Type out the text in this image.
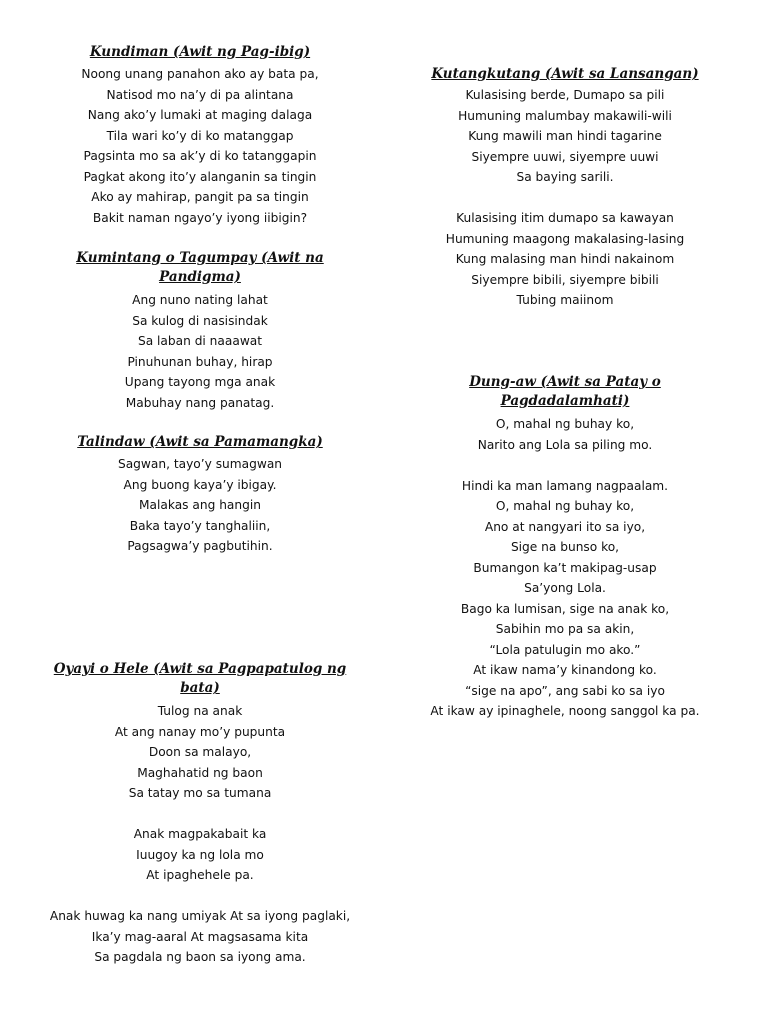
Kundiman (Awit ng Pag-ibig)
Noong unang panahon ako ay bata pa,
Natisod mo na’y di pa alintana
Nang ako’y lumaki at maging dalaga
Tila wari ko’y di ko matanggap
Pagsinta mo sa ak’y di ko tatanggapin
Pagkat akong ito’y alanganin sa tingin
Ako ay mahirap, pangit pa sa tingin
Bakit naman ngayo’y iyong iibigin?
Kumintang o Tagumpay (Awit na Pandigma)
Ang nuno nating lahat
Sa kulog di nasisindak
Sa laban di naaawat
Pinuhunan buhay, hirap
Upang tayong mga anak
Mabuhay nang panatag.
Talindaw (Awit sa Pamamangka)
Sagwan, tayo’y sumagwan
Ang buong kaya’y ibigay.
Malakas ang hangin
Baka tayo’y tanghaliin,
Pagsagwa’y pagbutihin.
Oyayi o Hele (Awit sa Pagpapatulog ng bata)
Tulog na anak
At ang nanay mo’y pupunta
Doon sa malayo,
Maghahatid ng baon
Sa tatay mo sa tumana
Anak magpakabait ka
Iuugoy ka ng lola mo
At ipaghehele pa.
Anak huwag ka nang umiyak At sa iyong paglaki,
Ika’y mag-aaral At magsasama kita
Sa pagdala ng baon sa iyong ama.
Kutangkutang (Awit sa Lansangan)
Kulasising berde, Dumapo sa pili
Humuning malumbay makawili-wili
Kung mawili man hindi tagarine
Siyempre uuwi, siyempre uuwi
Sa baying sarili.
Kulasising itim dumapo sa kawayan
Humuning maagong makalasing-lasing
Kung malasing man hindi nakainom
Siyempre bibili, siyempre bibili
Tubing maiinom
Dung-aw (Awit sa Patay o Pagdadalamhati)
O, mahal ng buhay ko,
Narito ang Lola sa piling mo.
Hindi ka man lamang nagpaalam.
O, mahal ng buhay ko,
Ano at nangyari ito sa iyo,
Sige na bunso ko,
Bumangon ka’t makipag-usap
Sa’yong Lola.
Bago ka lumisan, sige na anak ko,
Sabihin mo pa sa akin,
“Lola patulugin mo ako.”
At ikaw nama’y kinandong ko.
“sige na apo”, ang sabi ko sa iyo
At ikaw ay ipinaghele, noong sanggol ka pa.
